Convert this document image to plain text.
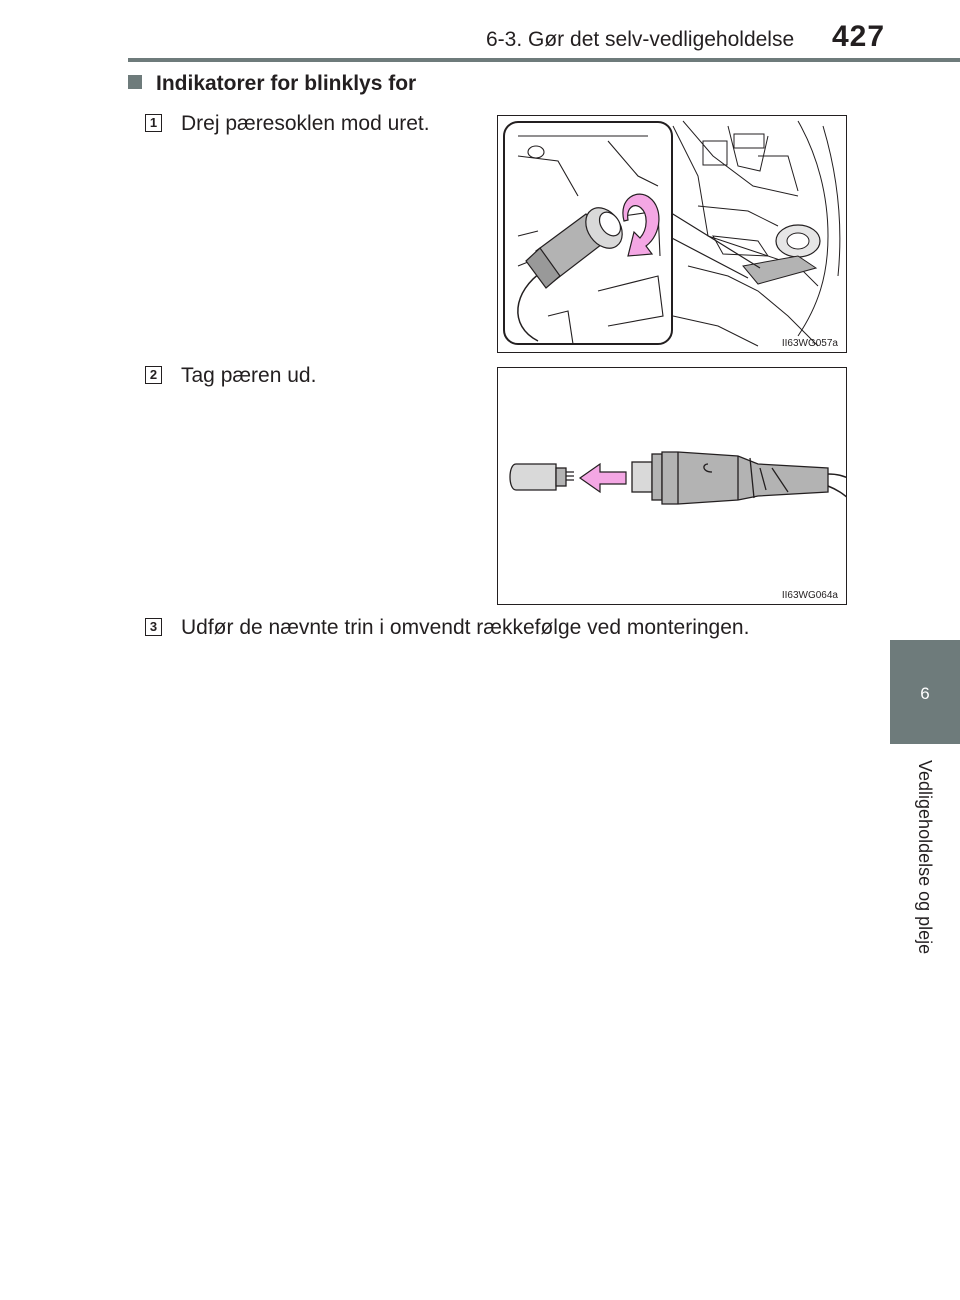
6-3. Gør det selv-vedligeholdelse 427
6
Vedligeholdelse og pleje
Indikatorer for blinklys for
1 Drej pæresoklen mod uret.
II63WG057a
2 Tag pæren ud.
II63WG064a
3 Udfør de nævnte trin i omvendt rækkefølge ved monteringen.
